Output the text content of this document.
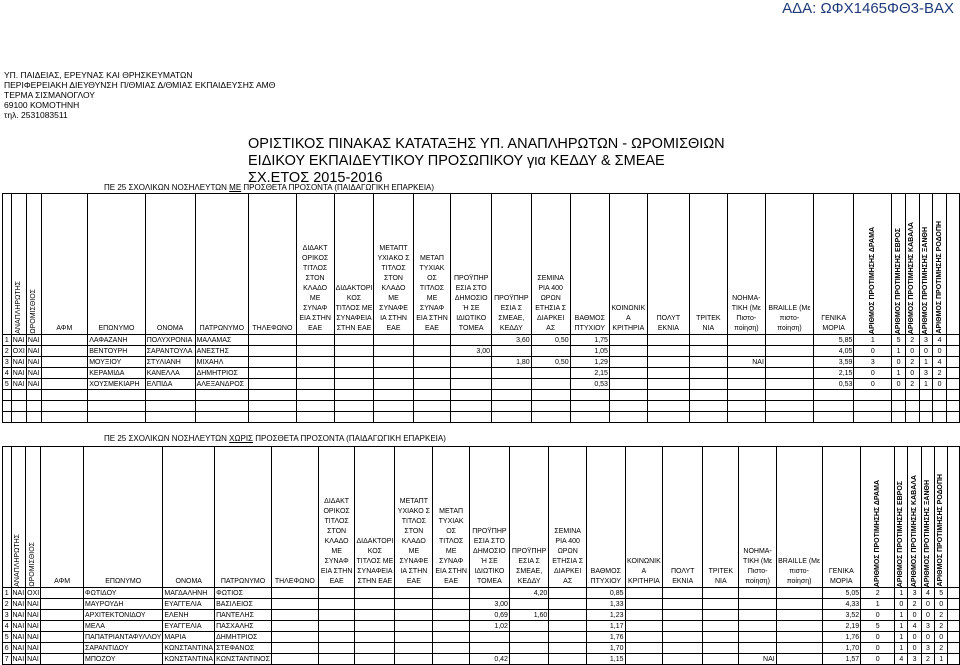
ΑΔΑ: ΩΦΧ1465ΦΘ3-ΒΑΧ
ΥΠ. ΠΑΙΔΕΙΑΣ, ΕΡΕΥΝΑΣ ΚΑΙ ΘΡΗΣΚΕΥΜΑΤΩΝ
ΠΕΡΙΦΕΡΕΙΑΚΗ ΔΙΕΥΘΥΝΣΗ Π/ΘΜΙΑΣ Δ/ΘΜΙΑΣ ΕΚΠΑΙΔΕΥΣΗΣ ΑΜΘ
ΤΕΡΜΑ ΣΙΣΜΑΝΟΓΛΟΥ
69100 ΚΟΜΟΤΗΝΗ
τηλ. 2531083511
ΟΡΙΣΤΙΚΟΣ ΠΙΝΑΚΑΣ ΚΑΤΑΤΑΞΗΣ ΥΠ. ΑΝΑΠΛΗΡΩΤΩΝ - ΩΡΟΜΙΣΘΙΩΝ
ΕΙΔΙΚΟΥ ΕΚΠΑΙΔΕΥΤΙΚΟΥ ΠΡΟΣΩΠΙΚΟΥ για ΚΕΔΔΥ & ΣΜΕΑΕ
ΣΧ.ΕΤΟΣ 2015-2016
ΠΕ 25 ΣΧΟΛΙΚΩΝ ΝΟΣΗΛΕΥΤΩΝ ΜΕ ΠΡΟΣΘΕΤΑ ΠΡΟΣΟΝΤΑ (ΠΑΙΔΑΓΩΓΙΚΗ ΕΠΑΡΚΕΙΑ)
ΠΕ 25 ΣΧΟΛΙΚΩΝ ΝΟΣΗΛΕΥΤΩΝ ΧΩΡΙΣ ΠΡΟΣΘΕΤΑ ΠΡΟΣΟΝΤΑ (ΠΑΙΔΑΓΩΓΙΚΗ ΕΠΑΡΚΕΙΑ)

	ΑΝΑΠΛΗΡΩΤΗΣ	ΩΡΟΜΙΣΘΙΟΣ	ΑΦΜ	ΕΠΩΝΥΜΟ	ΟΝΟΜΑ	ΠΑΤΡΩΝΥΜΟ	ΤΗΛΕΦΩΝΟ	ΔΙΔΑΚΤ ΟΡΙΚΟΣ ΤΙΤΛΟΣ ΣΤΟΝ ΚΛΑΔΟ ΜΕ ΣΥΝΑΦ ΕΙΑ ΣΤΗΝ ΕΑΕ	ΔΙΔΑΚΤΟΡΙ ΚΟΣ ΤΙΤΛΟΣ ΜΕ ΣΥΝΑΦΕΙΑ ΣΤΗΝ ΕΑΕ	ΜΕΤΑΠΤ ΥΧΙΑΚΟ Σ ΤΙΤΛΟΣ ΣΤΟΝ ΚΛΑΔΟ ΜΕ ΣΥΝΑΦΕ ΙΑ ΣΤΗΝ ΕΑΕ	ΜΕΤΑΠ ΤΥΧΙΑΚ ΟΣ ΤΙΤΛΟΣ ΜΕ ΣΥΝΑΦ ΕΙΑ ΣΤΗΝ ΕΑΕ	ΠΡΟΫΠΗΡ ΕΣΙΑ ΣΤΟ ΔΗΜΟΣΙΟ Ή ΣΕ ΙΔΙΩΤΙΚΟ ΤΟΜΕΑ	ΠΡΟΫΠΗΡ ΕΣΙΑ Σ ΣΜΕΑΕ, ΚΕΔΔΥ	ΣΕΜΙΝΑ ΡΙΑ 400 ΩΡΩΝ ΕΤΗΣΙΑ Σ ΔΙΑΡΚΕΙ ΑΣ	ΒΑΘΜΟΣ ΠΤΥΧΙΟΥ	ΚΟΙΝΩΝΙΚ Α ΚΡΙΤΗΡΙΑ	ΠΟΛΥΤ ΕΚΝΙΑ	ΤΡΙΤΕΚ ΝΙΑ	ΝΟΗΜΑ- ΤΙΚΗ (Με Πιστο- ποίηση)	BRAILLE (Με πιστο- ποίηση)	ΓΕΝΙΚΑ ΜΟΡΙΑ	ΑΡΙΘΜΟΣ ΠΡΟΤΙΜΗΣΗΣ ΔΡΑΜΑ	ΑΡΙΘΜΟΣ ΠΡΟΤΙΜΗΣΗΣ ΕΒΡΟΣ	ΑΡΙΘΜΟΣ ΠΡΟΤΙΜΗΣΗΣ ΚΑΒΑΛΑ	ΑΡΙΘΜΟΣ ΠΡΟΤΙΜΗΣΗΣ ΞΑΝΘΗ	ΑΡΙΘΜΟΣ ΠΡΟΤΙΜΗΣΗΣ ΡΟΔΟΠΗ	

1	ΝΑΙ	ΝΑΙ		ΛΑΦΑΖΑΝΗ	ΠΟΛΥΧΡΟΝΙΑ	ΜΑΛΑΜΑΣ							3,60	0,50	1,75						5,85	1	5	2	3	4	
2	ΟΧΙ	ΝΑΙ		ΒΕΝΤΟΥΡΗ	ΣΑΡΑΝΤΟΥΛΑ	ΑΝΕΣΤΗΣ						3,00			1,05						4,05	0	1	0	0	0	
3	ΝΑΙ	ΝΑΙ		ΜΟΥΞΙΟΥ	ΣΤΥΛΙΑΝΗ	ΜΙΧΑΗΛ							1,80	0,50	1,29				ΝΑΙ		3,59	3	0	2	1	4	
4	ΝΑΙ	ΝΑΙ		ΚΕΡΑΜΙΔΑ	ΚΑΝΕΛΛΑ	ΔΗΜΗΤΡΙΟΣ									2,15						2,15	0	1	0	3	2	
5	ΝΑΙ	ΝΑΙ		ΧΟΥΣΜΕΚΙΑΡΗ	ΕΛΠΙΔΑ	ΑΛΕΞΑΝΔΡΟΣ									0,53						0,53	0	0	2	1	0	

	ΑΝΑΠΛΗΡΩΤΗΣ	ΩΡΟΜΙΣΘΙΟΣ	ΑΦΜ	ΕΠΩΝΥΜΟ	ΟΝΟΜΑ	ΠΑΤΡΩΝΥΜΟ	ΤΗΛΕΦΩΝΟ	ΔΙΔΑΚΤ ΟΡΙΚΟΣ ΤΙΤΛΟΣ ΣΤΟΝ ΚΛΑΔΟ ΜΕ ΣΥΝΑΦ ΕΙΑ ΣΤΗΝ ΕΑΕ	ΔΙΔΑΚΤΟΡΙ ΚΟΣ ΤΙΤΛΟΣ ΜΕ ΣΥΝΑΦΕΙΑ ΣΤΗΝ ΕΑΕ	ΜΕΤΑΠΤ ΥΧΙΑΚΟ Σ ΤΙΤΛΟΣ ΣΤΟΝ ΚΛΑΔΟ ΜΕ ΣΥΝΑΦΕ ΙΑ ΣΤΗΝ ΕΑΕ	ΜΕΤΑΠ ΤΥΧΙΑΚ ΟΣ ΤΙΤΛΟΣ ΜΕ ΣΥΝΑΦ ΕΙΑ ΣΤΗΝ ΕΑΕ	ΠΡΟΫΠΗΡ ΕΣΙΑ ΣΤΟ ΔΗΜΟΣΙΟ Ή ΣΕ ΙΔΙΩΤΙΚΟ ΤΟΜΕΑ	ΠΡΟΫΠΗΡ ΕΣΙΑ Σ ΣΜΕΑΕ, ΚΕΔΔΥ	ΣΕΜΙΝΑ ΡΙΑ 400 ΩΡΩΝ ΕΤΗΣΙΑ Σ ΔΙΑΡΚΕΙ ΑΣ	ΒΑΘΜΟΣ ΠΤΥΧΙΟΥ	ΚΟΙΝΩΝΙΚ Α ΚΡΙΤΗΡΙΑ	ΠΟΛΥΤ ΕΚΝΙΑ	ΤΡΙΤΕΚ ΝΙΑ	ΝΟΗΜΑ- ΤΙΚΗ (Με Πιστο- ποίηση)	BRAILLE (Με πιστο- ποίηση)	ΓΕΝΙΚΑ ΜΟΡΙΑ	ΑΡΙΘΜΟΣ ΠΡΟΤΙΜΗΣΗΣ ΔΡΑΜΑ	ΑΡΙΘΜΟΣ ΠΡΟΤΙΜΗΣΗΣ ΕΒΡΟΣ	ΑΡΙΘΜΟΣ ΠΡΟΤΙΜΗΣΗΣ ΚΑΒΑΛΑ	ΑΡΙΘΜΟΣ ΠΡΟΤΙΜΗΣΗΣ ΞΑΝΘΗ	ΑΡΙΘΜΟΣ ΠΡΟΤΙΜΗΣΗΣ ΡΟΔΟΠΗ	

1	ΝΑΙ	ΟΧΙ		ΦΩΤΙΔΟΥ	ΜΑΓΔΑΛΗΝΗ	ΦΩΤΙΟΣ							4,20		0,85						5,05	2	1	3	4	5	
2	ΝΑΙ	ΝΑΙ		ΜΑΥΡΟΥΔΗ	ΕΥΑΓΓΕΛΙΑ	ΒΑΣΙΛΕΙΟΣ						3,00			1,33						4,33	1	0	2	0	0	
3	ΝΑΙ	ΝΑΙ		ΑΡΧΙΤΕΚΤΟΝΙΔΟΥ	ΕΛΕΝΗ	ΠΑΝΤΕΛΗΣ						0,69	1,60		1,23						3,52	0	1	0	0	2	
4	ΝΑΙ	ΝΑΙ		ΜΕΛΑ	ΕΥΑΓΓΕΛΙΑ	ΠΑΣΧΑΛΗΣ						1,02			1,17						2,19	5	1	4	3	2	
5	ΝΑΙ	ΝΑΙ		ΠΑΠΑΤΡΙΑΝΤΑΦΥΛΛΟΥ	ΜΑΡΙΑ	ΔΗΜΗΤΡΙΟΣ									1,76						1,76	0	1	0	0	0	
6	ΝΑΙ	ΝΑΙ		ΣΑΡΑΝΤΙΔΟΥ	ΚΩΝΣΤΑΝΤΙΝΑ	ΣΤΕΦΑΝΟΣ									1,70						1,70	0	1	0	3	2	
7	ΝΑΙ	ΝΑΙ		ΜΠΟΖΟΥ	ΚΩΝΣΤΑΝΤΙΝΑ	ΚΩΝΣΤΑΝΤΙΝΟΣ						0,42			1,15				ΝΑΙ		1,57	0	4	3	2	1	
